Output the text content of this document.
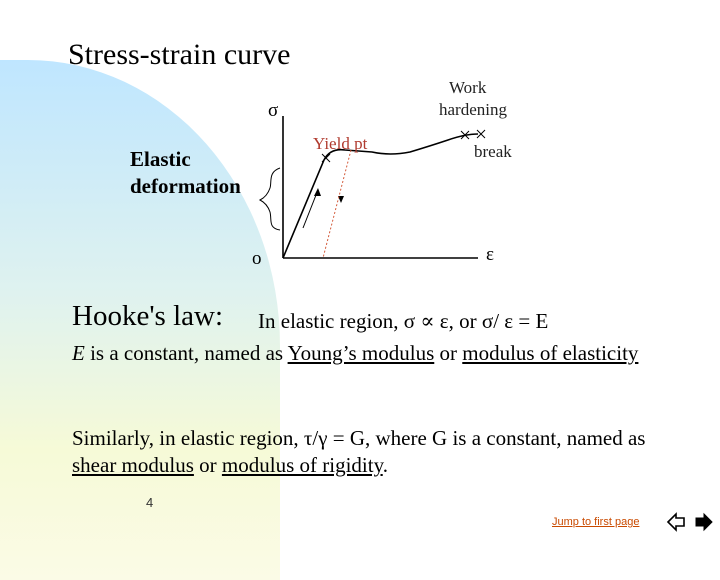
Stress-strain curve
σ
ε
o
Yield pt
Work
hardening
break
Elastic
deformation
Hooke's law: In elastic region, σ ∝ ε, or σ/ ε = E
E is a constant, named as Young’s modulus or modulus of elasticity
Similarly, in elastic region, τ/γ = G, where G is a constant, named as shear modulus or modulus of rigidity.
4
Jump to first page
